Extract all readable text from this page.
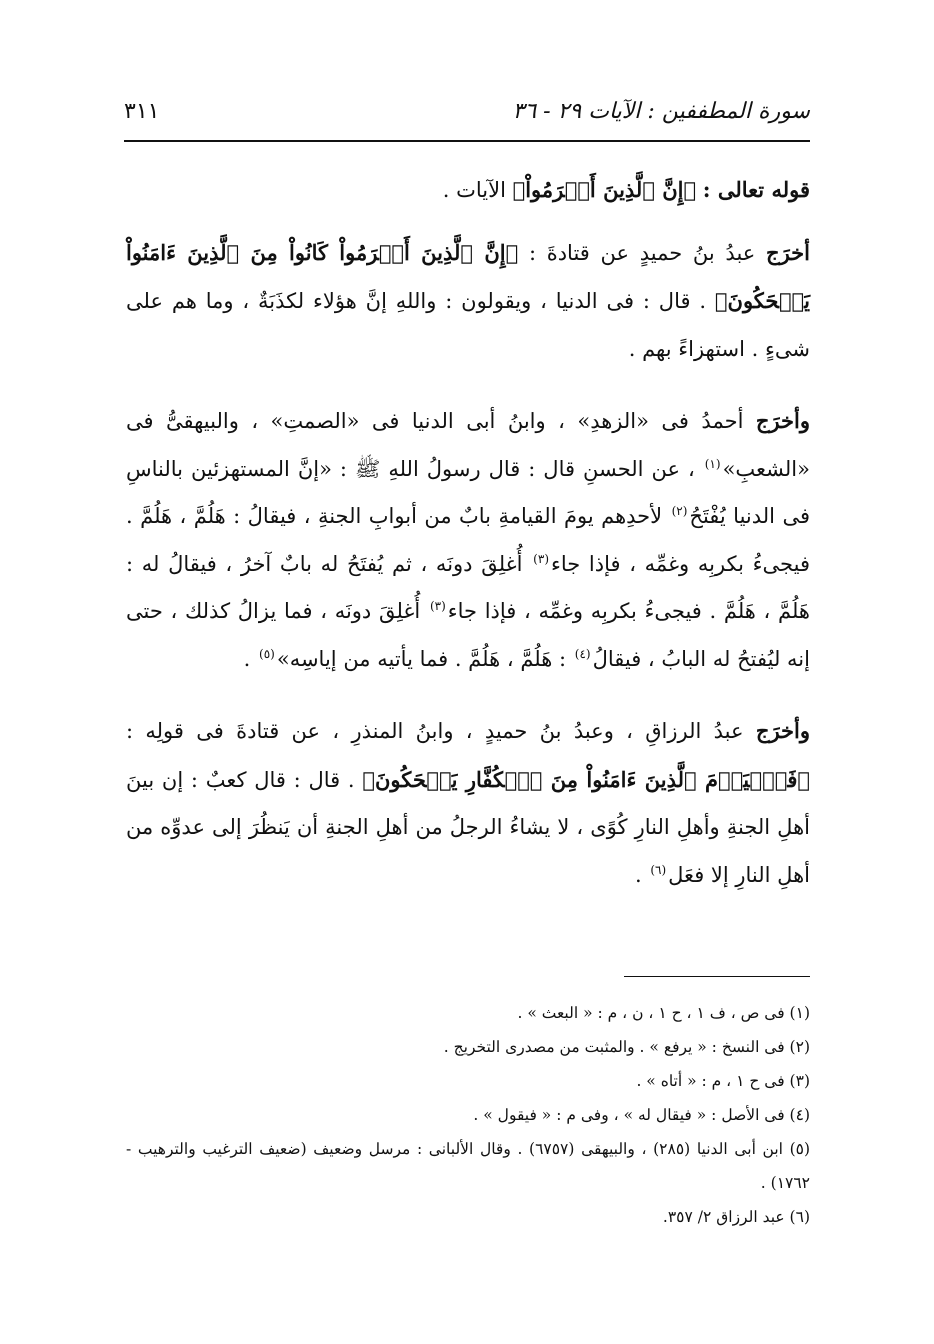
سورة المطففين : الآيات ٢٩ - ٣٦
٣١١

قوله تعالى : ﴿إِنَّ ٱلَّذِينَ أَجۡرَمُواْ﴾ الآيات .

أخرَج عبدُ بنُ حميدٍ عن قتادةَ : ﴿إِنَّ ٱلَّذِينَ أَجۡرَمُواْ كَانُواْ مِنَ ٱلَّذِينَ ءَامَنُواْ يَضۡحَكُونَ﴾ . قال : فى الدنيا ، ويقولون : واللهِ إنَّ هؤلاء لكذَبَةٌ ، وما هم على شىءٍ . استهزاءً بهم .

وأخرَج أحمدُ فى «الزهدِ» ، وابنُ أبى الدنيا فى «الصمتِ» ، والبيهقىُّ فى «الشعبِ»$^{(١)}$ ، عن الحسنِ قال : قال رسولُ اللهِ ﷺ : «إنَّ المستهزئين بالناسِ فى الدنيا يُفْتَحُ$^{(٢)}$ لأحدِهم يومَ القيامةِ بابٌ من أبوابِ الجنةِ ، فيقالُ : هَلُمَّ ، هَلُمَّ . فيجىءُ بكربِه وغمِّه ، فإذا جاء$^{(٣)}$ أُغلِقَ دونَه ، ثم يُفتَحُ له بابٌ آخرُ ، فيقالُ له : هَلُمَّ ، هَلُمَّ . فيجىءُ بكربِه وغمِّه ، فإذا جاء$^{(٣)}$ أُغلِقَ دونَه ، فما يزالُ كذلك ، حتى إنه ليُفتحُ له البابُ ، فيقالُ$^{(٤)}$ : هَلُمَّ ، هَلُمَّ . فما يأتيه من إياسِه»$^{(٥)}$ .

وأخرَج عبدُ الرزاقِ ، وعبدُ بنُ حميدٍ ، وابنُ المنذرِ ، عن قتادةَ فى قولِه : ﴿فَٱلۡيَوۡمَ ٱلَّذِينَ ءَامَنُواْ مِنَ ٱلۡكُفَّارِ يَضۡحَكُونَ﴾ . قال : قال كعبٌ : إن بينَ أهلِ الجنةِ وأهلِ النارِ كُوًى ، لا يشاءُ الرجلُ من أهلِ الجنةِ أن يَنظُرَ إلى عدوِّه من أهلِ النارِ إلا فعَل$^{(٦)}$ .

(١) فى ص ، ف ١ ، ح ١ ، ن ، م : « البعث » .

(٢) فى النسخ : « يرفع » . والمثبت من مصدرى التخريج .

(٣) فى ح ١ ، م : « أتاه » .

(٤) فى الأصل : « فيقال له » ، وفى م : « فيقول » .

(٥) ابن أبى الدنيا (٢٨٥) ، والبيهقى (٦٧٥٧) . وقال الألبانى : مرسل وضعيف (ضعيف الترغيب والترهيب - ١٧٦٢) .

(٦) عبد الرزاق ٢/ ٣٥٧.
